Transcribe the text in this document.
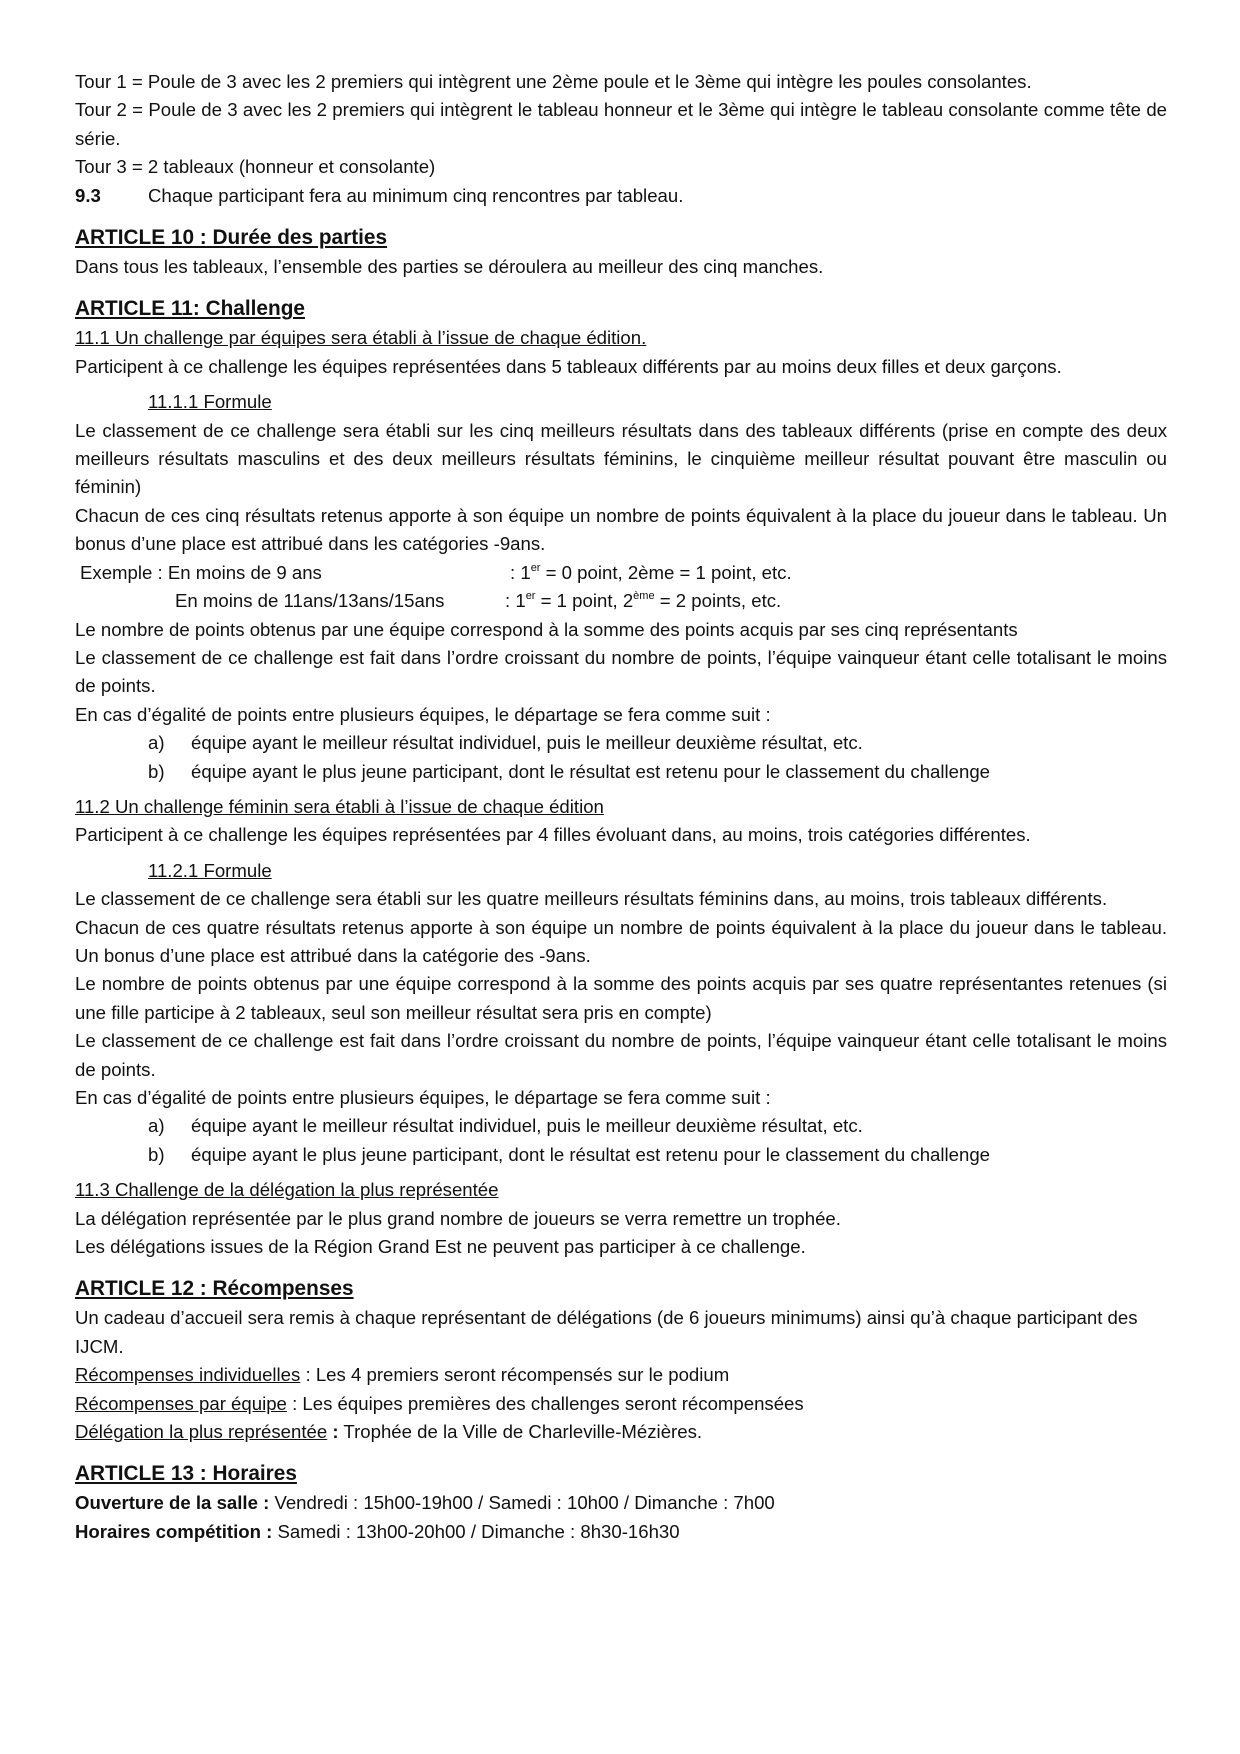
Tour 1 = Poule de 3 avec les 2 premiers qui intègrent une 2ème poule et le 3ème qui intègre les poules consolantes.

Tour 2 = Poule de 3 avec les 2 premiers qui intègrent le tableau honneur et le 3ème qui intègre le tableau consolante comme tête de série.

Tour 3 = 2 tableaux (honneur et consolante)

9.3	Chaque participant fera au minimum cinq rencontres par tableau.

ARTICLE 10 : Durée des parties

Dans tous les tableaux, l’ensemble des parties se déroulera au meilleur des cinq manches.

ARTICLE 11: Challenge

11.1 Un challenge par équipes sera établi à l’issue de chaque édition.

Participent à ce challenge les équipes représentées dans 5 tableaux différents par au moins deux filles et deux garçons.

11.1.1 Formule

Le classement de ce challenge sera établi sur les cinq meilleurs résultats dans des tableaux différents (prise en compte des deux meilleurs résultats masculins et des deux meilleurs résultats féminins, le cinquième meilleur résultat pouvant être masculin ou féminin)

Chacun de ces cinq résultats retenus apporte à son équipe un nombre de points équivalent à la place du joueur dans le tableau. Un bonus d’une place est attribué dans les catégories -9ans.

Exemple : En moins de 9 ans	: 1er = 0 point, 2ème = 1 point, etc.
En moins de 11ans/13ans/15ans	: 1er = 1 point, 2ème = 2 points, etc.

Le nombre de points obtenus par une équipe correspond à la somme des points acquis par ses cinq représentants

Le classement de ce challenge est fait dans l’ordre croissant du nombre de points, l’équipe vainqueur étant celle totalisant le moins de points.

En cas d’égalité de points entre plusieurs équipes, le départage se fera comme suit :

a)	équipe ayant le meilleur résultat individuel, puis le meilleur deuxième résultat, etc.
b)	équipe ayant le plus jeune participant, dont le résultat est retenu pour le classement du challenge

11.2 Un challenge féminin sera établi à l’issue de chaque édition

Participent à ce challenge les équipes représentées par 4 filles évoluant dans, au moins, trois catégories différentes.

11.2.1 Formule

Le classement de ce challenge sera établi sur les quatre meilleurs résultats féminins dans, au moins, trois tableaux différents.

Chacun de ces quatre résultats retenus apporte à son équipe un nombre de points équivalent à la place du joueur dans le tableau. Un bonus d’une place est attribué dans la catégorie des -9ans.

Le nombre de points obtenus par une équipe correspond à la somme des points acquis par ses quatre représentantes retenues (si une fille participe à 2 tableaux, seul son meilleur résultat sera pris en compte)

Le classement de ce challenge est fait dans l’ordre croissant du nombre de points, l’équipe vainqueur étant celle totalisant le moins de points.

En cas d’égalité de points entre plusieurs équipes, le départage se fera comme suit :

a)	équipe ayant le meilleur résultat individuel, puis le meilleur deuxième résultat, etc.
b)	équipe ayant le plus jeune participant, dont le résultat est retenu pour le classement du challenge

11.3 Challenge de la délégation la plus représentée

La délégation représentée par le plus grand nombre de joueurs se verra remettre un trophée.

Les délégations issues de la Région Grand Est ne peuvent pas participer à ce challenge.

ARTICLE 12 : Récompenses

Un cadeau d’accueil sera remis à chaque représentant de délégations (de 6 joueurs minimums) ainsi qu’à chaque participant des IJCM.

Récompenses individuelles : Les 4 premiers seront récompensés sur le podium

Récompenses par équipe : Les équipes premières des challenges seront récompensées

Délégation la plus représentée : Trophée de la Ville de Charleville-Mézières.

ARTICLE 13 : Horaires

Ouverture de la salle : Vendredi : 15h00-19h00 / Samedi : 10h00 / Dimanche : 7h00

Horaires compétition : Samedi : 13h00-20h00 / Dimanche : 8h30-16h30
